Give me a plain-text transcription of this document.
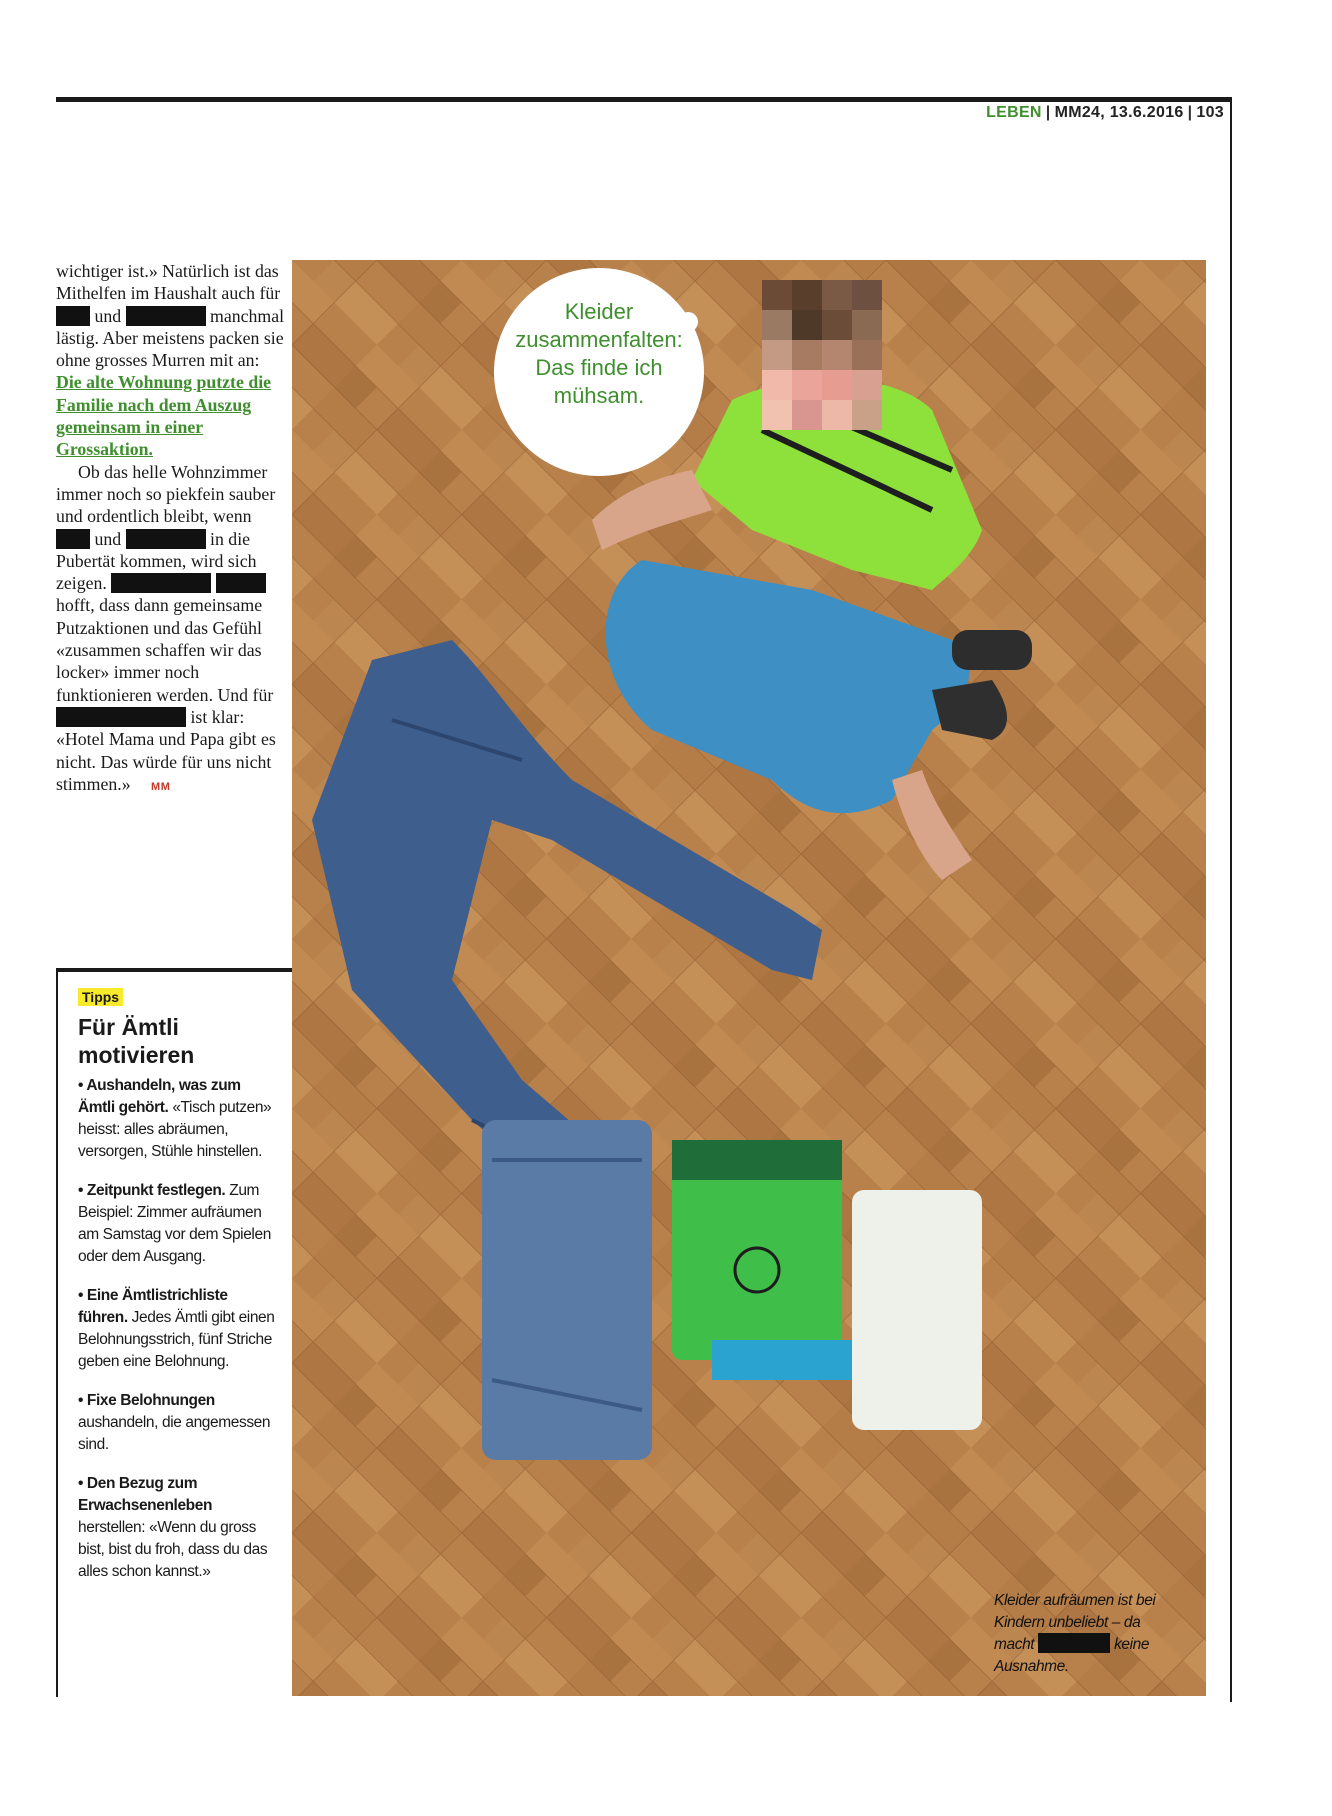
LEBEN | MM24, 13.6.2016 | 103

wichtiger ist.» Natürlich ist das Mithelfen im Haushalt auch für  und	manchmal lästig. Aber meistens packen sie ohne grosses Murren mit an: Die alte Wohnung putzte die Familie nach dem Auszug gemeinsam in einer Grossaktion.

Ob das helle Wohnzimmer immer noch so piekfein sauber und ordentlich bleibt, wenn  und	in die Pubertät kommen, wird sich zeigen.   hofft, dass dann gemeinsame Putzaktionen und das Gefühl «zusammen schaffen wir das locker» immer noch funktionieren werden. Und für  ist klar: «Hotel Mama und Papa gibt es nicht. Das würde für uns nicht stimmen.» MM

Tipps
Für Ämtli motivieren
• Aushandeln, was zum Ämtli gehört. «Tisch putzen» heisst: alles abräumen, versorgen, Stühle hinstellen.
• Zeitpunkt festlegen. Zum Beispiel: Zimmer aufräumen am Samstag vor dem Spielen oder dem Ausgang.
• Eine Ämtlistrichliste führen. Jedes Ämtli gibt einen Belohnungsstrich, fünf Striche geben eine Belohnung.
• Fixe Belohnungen aushandeln, die angemessen sind.
• Den Bezug zum Erwachsenenleben herstellen: «Wenn du gross bist, bist du froh, dass du das alles schon kannst.»
Kleider zusammenfalten: Das finde ich mühsam.
Kleider aufräumen ist bei Kindern unbeliebt – da macht	keine Ausnahme.
